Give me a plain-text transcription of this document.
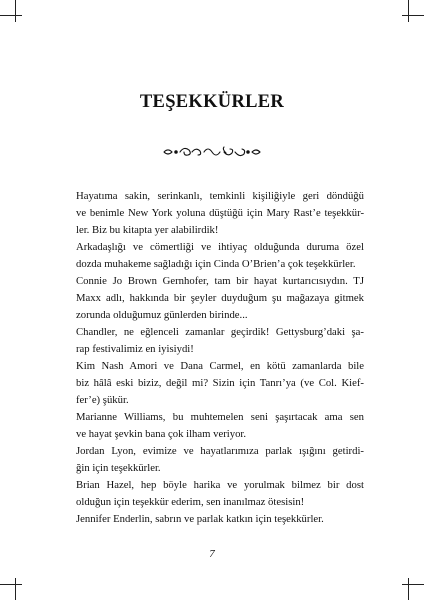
TEŞEKKÜRLER

Hayatıma sakin, serinkanlı, temkinli kişiliğiyle geri döndüğü
ve benimle New York yoluna düştüğü için Mary Rast’e teşekkür-
ler. Biz bu kitapta yer alabilirdik!

Arkadaşlığı ve cömertliği ve ihtiyaç olduğunda duruma özel
dozda muhakeme sağladığı için Cinda O’Brien’a çok teşekkürler.

Connie Jo Brown Gernhofer, tam bir hayat kurtarıcısıydın. TJ
Maxx adlı, hakkında bir şeyler duyduğum şu mağazaya gitmek
zorunda olduğumuz günlerden birinde...

Chandler, ne eğlenceli zamanlar geçirdik! Gettysburg’daki şa-
rap festivalimiz en iyisiydi!

Kim Nash Amori ve Dana Carmel, en kötü zamanlarda bile
biz hâlâ eski biziz, değil mi? Sizin için Tanrı’ya (ve Col. Kief-
fer’e) şükür.

Marianne Williams, bu muhtemelen seni şaşırtacak ama sen
ve hayat şevkin bana çok ilham veriyor.

Jordan Lyon, evimize ve hayatlarımıza parlak ışığını getirdi-
ğin için teşekkürler.

Brian Hazel, hep böyle harika ve yorulmak bilmez bir dost
olduğun için teşekkür ederim, sen inanılmaz ötesisin!

Jennifer Enderlin, sabrın ve parlak katkın için teşekkürler.

7
